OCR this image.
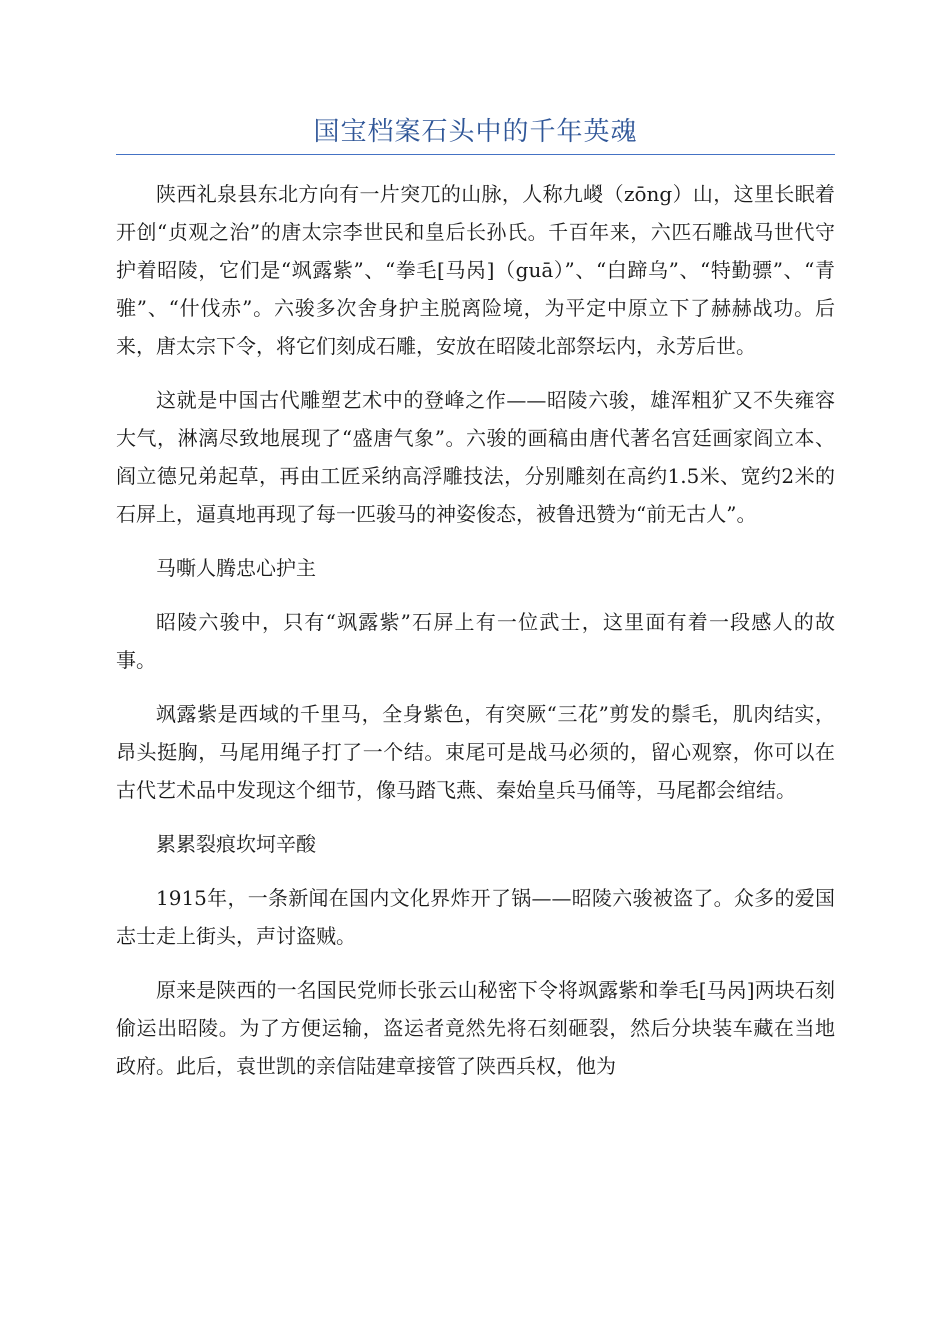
国宝档案石头中的千年英魂

陕西礼泉县东北方向有一片突兀的山脉，人称九嵕（zōng）山，这里长眠着开创“贞观之治”的唐太宗李世民和皇后长孙氏。千百年来，六匹石雕战马世代守护着昭陵，它们是“飒露紫”、“拳毛[马呙]（guā）”、“白蹄乌”、“特勤骠”、“青骓”、“什伐赤”。六骏多次舍身护主脱离险境，为平定中原立下了赫赫战功。后来，唐太宗下令，将它们刻成石雕，安放在昭陵北部祭坛内，永芳后世。

这就是中国古代雕塑艺术中的登峰之作——昭陵六骏，雄浑粗犷又不失雍容大气，淋漓尽致地展现了“盛唐气象”。六骏的画稿由唐代著名宫廷画家阎立本、阎立德兄弟起草，再由工匠采纳高浮雕技法，分别雕刻在高约1.5米、宽约2米的石屏上，逼真地再现了每一匹骏马的神姿俊态，被鲁迅赞为“前无古人”。

马嘶人腾忠心护主

昭陵六骏中，只有“飒露紫”石屏上有一位武士，这里面有着一段感人的故事。

飒露紫是西域的千里马，全身紫色，有突厥“三花”剪发的鬃毛，肌肉结实，昂头挺胸，马尾用绳子打了一个结。束尾可是战马必须的，留心观察，你可以在古代艺术品中发现这个细节，像马踏飞燕、秦始皇兵马俑等，马尾都会绾结。

累累裂痕坎坷辛酸

1915年，一条新闻在国内文化界炸开了锅——昭陵六骏被盗了。众多的爱国志士走上街头，声讨盗贼。

原来是陕西的一名国民党师长张云山秘密下令将飒露紫和拳毛[马呙]两块石刻偷运出昭陵。为了方便运输，盗运者竟然先将石刻砸裂，然后分块装车藏在当地政府。此后，袁世凯的亲信陆建章接管了陕西兵权，他为
